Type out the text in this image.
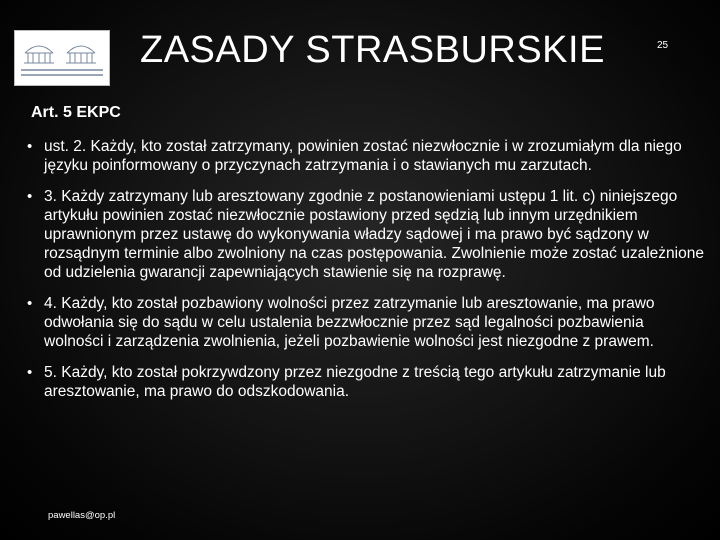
ZASADY STRASBURSKIE	25
Art. 5 EKPC
• ust. 2. Każdy, kto został zatrzymany, powinien zostać niezwłocznie i w zrozumiałym dla niego języku poinformowany o przyczynach zatrzymania i o stawianych mu zarzutach.
• 3. Każdy zatrzymany lub aresztowany zgodnie z postanowieniami ustępu 1 lit. c) niniejszego artykułu powinien zostać niezwłocznie postawiony przed sędzią lub innym urzędnikiem uprawnionym przez ustawę do wykonywania władzy sądowej i ma prawo być sądzony w rozsądnym terminie albo zwolniony na czas postępowania. Zwolnienie może zostać uzależnione od udzielenia gwarancji zapewniających stawienie się na rozprawę.
• 4. Każdy, kto został pozbawiony wolności przez zatrzymanie lub aresztowanie, ma prawo odwołania się do sądu w celu ustalenia bezzwłocznie przez sąd legalności pozbawienia wolności i zarządzenia zwolnienia, jeżeli pozbawienie wolności jest niezgodne z prawem.
• 5. Każdy, kto został pokrzywdzony przez niezgodne z treścią tego artykułu zatrzymanie lub aresztowanie, ma prawo do odszkodowania.
pawellas@op.pl
